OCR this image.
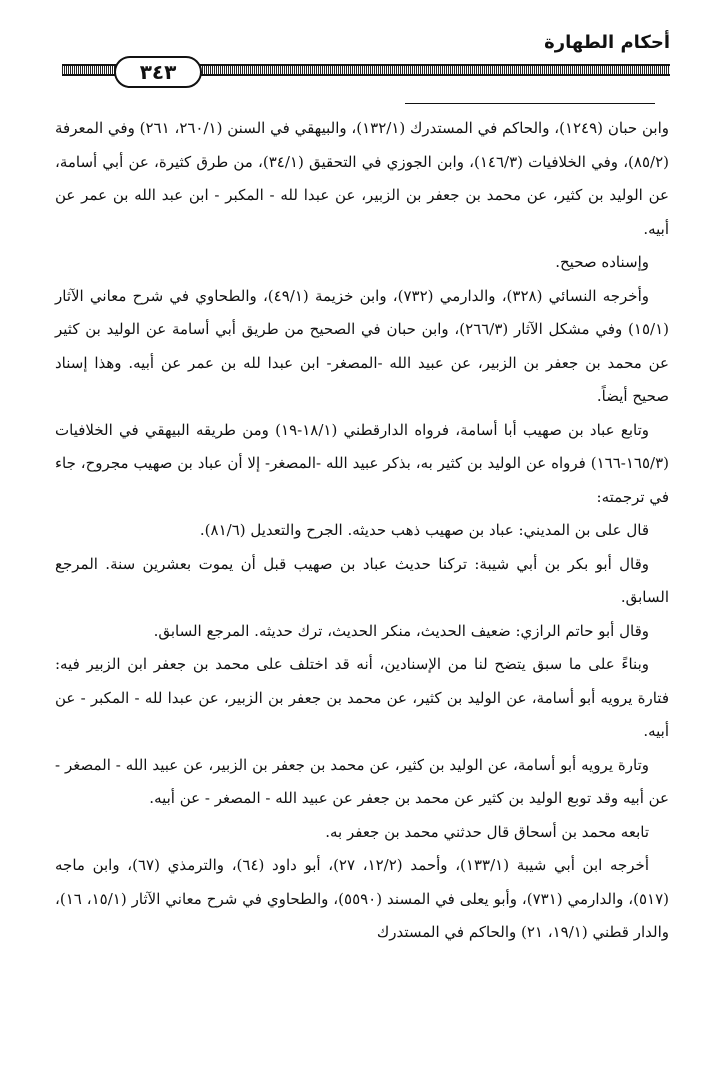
أحكام الطهارة
٣٤٣

وابن حبان (١٢٤٩)، والحاكم في المستدرك (١٣٢/١)، والبيهقي في السنن (٢٦٠/١، ٢٦١) وفي المعرفة (٨٥/٢)، وفي الخلافيات (١٤٦/٣)، وابن الجوزي في التحقيق (٣٤/١)، من طرق كثيرة، عن أبي أسامة، عن الوليد بن كثير، عن محمد بن جعفر بن الزبير، عن عبدا لله - المكبر - ابن عبد الله بن عمر عن أبيه.

وإسناده صحيح.

وأخرجه النسائي (٣٢٨)، والدارمي (٧٣٢)، وابن خزيمة (٤٩/١)، والطحاوي في شرح معاني الآثار (١٥/١) وفي مشكل الآثار (٢٦٦/٣)، وابن حبان في الصحيح من طريق أبي أسامة عن الوليد بن كثير عن محمد بن جعفر بن الزبير، عن عبيد الله -المصغر- ابن عبدا لله بن عمر عن أبيه. وهذا إسناد صحيح أيضاً.

وتابع عباد بن صهيب أبا أسامة، فرواه الدارقطني (١٨/١-١٩) ومن طريقه البيهقي في الخلافيات (١٦٥/٣-١٦٦) فرواه عن الوليد بن كثير به، بذكر عبيد الله -المصغر- إلا أن عباد بن صهيب مجروح، جاء في ترجمته:

قال على بن المديني: عباد بن صهيب ذهب حديثه. الجرح والتعديل (٨١/٦).

وقال أبو بكر بن أبي شيبة: تركنا حديث عباد بن صهيب قبل أن يموت بعشرين سنة. المرجع السابق.

وقال أبو حاتم الرازي: ضعيف الحديث، منكر الحديث، ترك حديثه. المرجع السابق.

وبناءً على ما سبق يتضح لنا من الإسنادين، أنه قد اختلف على محمد بن جعفر ابن الزبير فيه: فتارة يرويه أبو أسامة، عن الوليد بن كثير، عن محمد بن جعفر بن الزبير، عن عبدا لله - المكبر - عن أبيه.

وتارة يرويه أبو أسامة، عن الوليد بن كثير، عن محمد بن جعفر بن الزبير، عن عبيد الله - المصغر - عن أبيه وقد توبع الوليد بن كثير عن محمد بن جعفر عن عبيد الله - المصغر - عن أبيه.

تابعه محمد بن أسحاق قال حدثني محمد بن جعفر به.

أخرجه ابن أبي شيبة (١٣٣/١)، وأحمد (١٢/٢، ٢٧)، أبو داود (٦٤)، والترمذي (٦٧)، وابن ماجه (٥١٧)، والدارمي (٧٣١)، وأبو يعلى في المسند (٥٥٩٠)، والطحاوي في شرح معاني الآثار (١٥/١، ١٦)، والدار قطني (١٩/١، ٢١) والحاكم في المستدرك
